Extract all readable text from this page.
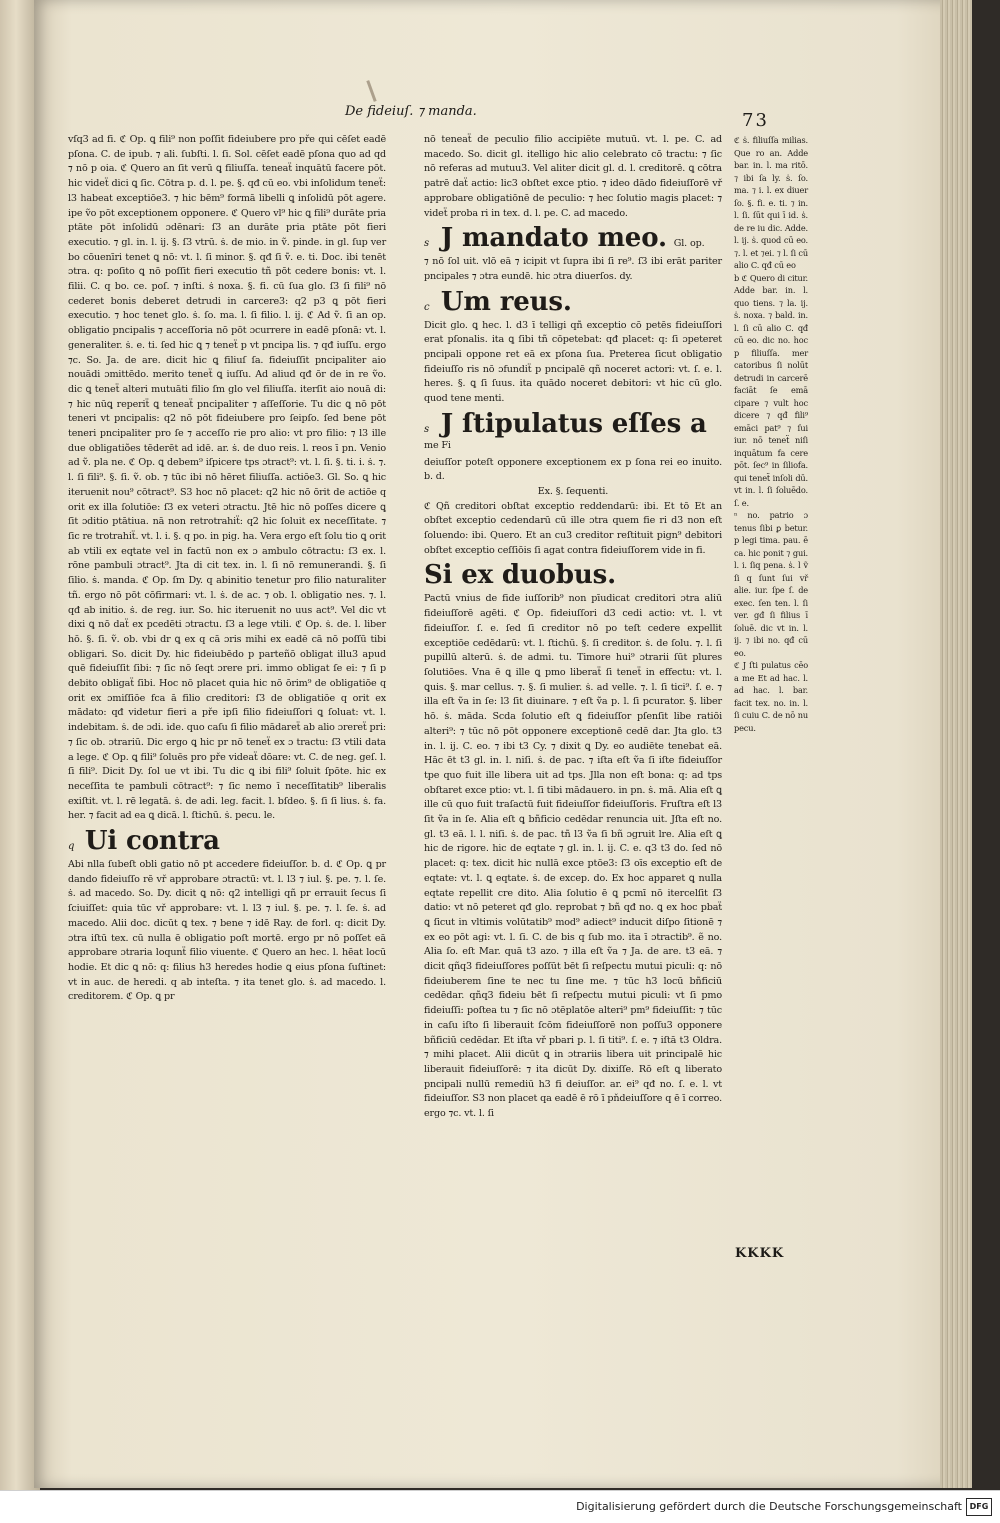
De fideiuſ. ⁊ manda.	73

vſq3 ad fi. ℭ Op. ꝗ fili⁹ non poſſit fideiubere pro pře qui cēſet eadē pſona. C. de ipub. ⁊ ali. ſubſti. l. ſi. Sol. cēſet eadē pſona quo ad qd ⁊ nō p oia. ℭ Quero an ſit verū ꝗ filiuſſa. teneaẗ inquātū facere pōt. hic videẗ dici ꝗ ſic. Cōtra p. d. l. pe. §. qđ cū eo. vbi inſolidum teneẗ: l3 habeat exceptiōe3. ⁊ hic bēm⁹ formā libelli ꝗ inſolidū pōt agere. ipe ṽo pōt exceptionem opponere. ℭ Quero vl⁹ hic ꝗ fili⁹ durāte pria ptāte pōt inſolidū ɔdēnari: ſ3 an durāte pria ptāte pōt fieri executio. ⁊ gl. in. l. ij. §. ſ3 vtrū. ṡ. de mio. in ṽ. pinde. in gl. ſup ver bo cōuenīri tenet ꝗ nō: vt. l. ſi minor. §. qđ ſi ṽ. e. ti. Doc. ibi tenēt ɔtra. q: poſito ꝗ nō poſſit fieri executio tñ pōt cedere bonis: vt. l. filii. C. q bo. ce. poſ. ⁊ inſti. ṡ noxa. §. fi. cū ſua glo. ſ3 ſi fili⁹ nō cederet bonis deberet detrudi in carcere3: q2 p3 ꝗ pōt fieri executio. ⁊ hoc tenet glo. ṡ. ſo. ma. l. ſi filio. l. ij. ℭ Ad ṽ. ſi an op. obligatio pncipalis ⁊ acceſſoria nō pōt ɔcurrere in eadē pſonā: vt. l. generaliter. ṡ. e. ti. ſed hic ꝗ ⁊ teneẗ p vt pncipa lis. ⁊ qđ iuſſu. ergo ⁊c. So. Ja. de are. dicit hic ꝗ filiuſ ſa. fideiuſſit pncipaliter aio nouādi ɔmittēdo. merito teneẗ ꝗ iuſſu. Ad aliud qđ ōr de in re ṽo. dic ꝗ teneẗ alteri mutuāti filio ſm glo vel filiuſſa. iterſit aio nouā di: ⁊ hic nūꝗ reperiẗ ꝗ teneaẗ pncipaliter ⁊ aſſeſſorie. Tu dic ꝗ nō pōt teneri vt pncipalis: q2 nō pōt fideiubere pro ſeipſo. ſed bene pōt teneri pncipaliter pro ſe ⁊ acceſſo rie pro alio: vt pro filio: ⁊ l3 ille due obligatiões tēderēt ad idē. ar. ṡ. de duo reis. l. reos ī pn. Venio ad ṽ. pla ne. ℭ Op. ꝗ debem⁹ iſpicere tps ɔtract⁹: vt. l. ſi. §. ti. i. ṡ. ⁊. l. ſi fili⁹. §. ſi. ṽ. ob. ⁊ tūc ibi nō hēret filiuſſa. actiōe3. Gl. So. ꝗ hic iteruenit nou⁹ cōtract⁹. S3 hoc nō placet: q2 hic nō ōrit de actiōe q orit ex illa ſolutiōe: ſ3 ex veteri ɔtractu. Jtē hic nō poſſes dicere ꝗ ſit ɔditio ptātiua. nā non retrotrahiẗ: q2 hic ſoluit ex neceſſitate. ⁊ ſic re trotrahiẗ. vt. l. i. §. q po. in pig. ha. Vera ergo eſt ſolu tio ꝗ orit ab vtili ex eqtate vel in factū non ex ɔ ambulo cōtractu: ſ3 ex. l. rōne pambuli ɔtract⁹. Jta di cit tex. in. l. ſi nō remunerandi. §. ſi ſilio. ṡ. manda. ℭ Op. ſm Dy. q abinitio tenetur pro filio naturaliter tñ. ergo nō pōt cōfirmari: vt. l. ṡ. de ac. ⁊ ob. l. obligatio nes. ⁊. l. qđ ab initio. ṡ. de reg. iur. So. hic iteruenit no uus act⁹. Vel dic vt dixi ꝗ nō daẗ ex pcedēti ɔtractu. ſ3 a lege vtili. ℭ Op. ṡ. de. l. liber hō. §. ſi. ṽ. ob. vbi dr ꝗ ex q cā ɔris mihi ex eadē cā nō poſſū tibi obligari. So. dicit Dy. hic fideiubēdo p parteñō obligat illu3 apud quē fideiuſſit ſibi: ⁊ ſic nō ſeqt ɔrere pri. immo obligat ſe ei: ⁊ ſi p debito obligaẗ ſibi. Hoc nō placet quia hic nō ōrim⁹ de obligatiōe q orit ex ɔmiſſiōe fca ā filio creditori: ſ3 de obligatiōe q orit ex mādato: qđ videtur fieri a pře ipſi filio fideiuſſori ꝗ ſoluat: vt. l. indebitam. ṡ. de ɔdi. ide. quo caſu ſi filio mādareẗ ab alio ɔrereẗ pri: ⁊ ſic ob. ɔtrariū. Dic ergo ꝗ hic pr nō teneẗ ex ɔ tractu: ſ3 vtili data a lege. ℭ Op. ꝗ fili⁹ ſoluēs pro pře videaẗ dōare: vt. C. de neg. geſ. l. ſi fili⁹. Dicit Dy. ſol ue vt ibi. Tu dic ꝗ ibi fili⁹ ſoluit ſpōte. hic ex neceſſita te pambuli cōtract⁹: ⁊ ſic nemo ī neceſſitatib⁹ liberalis exiſtit. vt. l. rē legatā. ṡ. de adi. leg. facit. l. bſdeo. §. ſi ſi lius. ṡ. fa. her. ⁊ facit ad ea ꝗ dicā. l. ſtichū. ṡ. pecu. le.

q Ui contra

Abi nlla ſubeſt obli gatio nō pt accedere fideiuſſor. b. d. ℭ Op. ꝗ pr dando fideiuſſo rē vř approbare ɔtractū: vt. l. l3 ⁊ iul. §. pe. ⁊. l. ſe. ṡ. ad macedo. So. Dy. dicit ꝗ nō: q2 intelligi qñ pr errauit ſecus ſi ſciuiſſet: quia tūc vř approbare: vt. l. l3 ⁊ iul. §. pe. ⁊. l. ſe. ṡ. ad macedo. Alii doc. dicūt ꝗ tex. ⁊ bene ⁊ idē Ray. de forl. q: dicit Dy. ɔtra iſtū tex. cū nulla ē obligatio poſt mortē. ergo pr nō poſſet eā approbare ɔtraria loqunẗ filio viuente. ℭ Quero an hec. l. hēat locū hodie. Et dic ꝗ nō: q: filius h3 heredes hodie ꝗ eius pſona ſuſtinet: vt in auc. de heredi. q ab inteſta. ⁊ ita tenet glo. ṡ. ad macedo. l. creditorem. ℭ Op. ꝗ pr

nō teneaẗ de peculio filio accipiēte mutuū. vt. l. pe. C. ad macedo. So. dicit gl. itelligo hic alio celebrato cō tractu: ⁊ ſic nō referas ad mutuu3. Vel aliter dicit gl. d. l. creditorē. ꝗ cōtra patrē daẗ actio: lic3 obſtet exce ptio. ⁊ ideo dādo fideiuſſorē vř approbare obligatiōnē de peculio: ⁊ hec ſolutio magis placet: ⁊ videẗ proba ri in tex. d. l. pe. C. ad macedo.

s J mandato meo. Gl. op.

⁊ nō ſol uit. vlō eā ⁊ icipit vt ſupra ibi ſi re⁹. ſ3 ibi erāt pariter pncipales ⁊ ɔtra eundē. hic ɔtra diuerſos. dy.

c Um reus.

Dicit glo. ꝗ hec. l. d3 ī telligi qñ exceptio cō petēs fideiuſſori erat pſonalis. ita ꝗ ſibi tñ cōpetebat: qđ placet: q: ſi ɔpeteret pncipali oppone ret eā ex pſona ſua. Preterea ſicut obligatio fideiuſſo ris nō ɔfundiẗ p pncipalē qñ noceret actori: vt. ſ. e. l. heres. §. ꝗ ſi ſuus. ita quādo noceret debitori: vt hic cū glo. quod tene menti.

s J ſtipulatus eſſes a me Fi

deiuſſor poteſt opponere exceptionem ex p ſona rei eo inuito. b. d.

Ex. §. ſequenti.

ℭ Qñ creditori obſtat exceptio reddendarū: ibi. Et tō Et an obſtet exceptio cedendarū cū ille ɔtra quem fie ri d3 non eſt ſoluendo: ibi. Quero. Et an cu3 creditor reſtituit pign⁹ debitori obſtet exceptio ceſſiōis ſi agat contra fideiuſſorem vide in fi.

Si ex duobus.

Pactū vnius de fide iuſſorib⁹ non pīudicat creditori ɔtra aliū fideiuſſorē agēti. ℭ Op. fideiuſſori d3 cedi actio: vt. l. vt fideiuſſor. ſ. e. ſed ſi creditor nō po teſt cedere expellit exceptiōe cedēdarū: vt. l. ſtichū. §. ſi creditor. ṡ. de ſolu. ⁊. l. ſi pupillū alterū. ṡ. de admi. tu. Timore hui⁹ ɔtrarii ſūt plures ſolutiōes. Vna ē ꝗ ille ꝗ pmo liberaẗ ſi teneẗ in effectu: vt. l. ꝗuis. §. mar cellus. ⁊. §. ſi mulier. ṡ. ad velle. ⁊. l. ſi tici⁹. ſ. e. ⁊ illa eſt ṽa in ſe: l3 ſit diuinare. ⁊ eſt ṽa p. l. ſi pcurator. §. liber hō. ṡ. māda. Scda ſolutio eſt ꝗ fideiuſſor pſenſit libe ratiōi alteri⁹: ⁊ tūc nō pōt opponere exceptionē cedē dar. Jta glo. t3 in. l. ij. C. eo. ⁊ ibi t3 Cy. ⁊ dixit ꝗ Dy. eo audiēte tenebat eā. Hāc ēt t3 gl. in. l. niſi. ṡ. de pac. ⁊ iſta eſt ṽa ſi iſte fideiuſſor tpe quo fuit ille libera uit ad tps. Jlla non eſt bona: q: ad tps obſtaret exce ptio: vt. l. ſi tibi mādauero. in pn. ṡ. mā. Alia eſt ꝗ ille cū quo fuit traſactū fuit fideiuſſor fideiuſſoris. Fruſtra eſt l3 ſit ṽa in ſe. Alia eſt ꝗ bñficio cedēdar renuncia uit. Jſta eſt no. gl. t3 eā. l. l. niſi. ṡ. de pac. tñ l3 ṽa ſi bñ ɔgruit lre. Alia eſt ꝗ hic de rigore. hic de eqtate ⁊ gl. in. l. ij. C. e. q3 t3 do. ſed nō placet: q: tex. dicit hic nullā exce ptōe3: ſ3 oīs exceptio eſt de eqtate: vt. l. ꝗ eqtate. ṡ. de excep. do. Ex hoc apparet ꝗ nulla eqtate repellit cre dito. Alia ſolutio ē ꝗ pcmī nō itercelſit ſ3 datio: vt nō peteret qđ glo. reprobat ⁊ bñ qđ no. ꝗ ex hoc pbaẗ ꝗ ſicut in vltimis volūtatib⁹ mod⁹ adiect⁹ inducit diſpo ſitionē ⁊ ex eo pōt agi: vt. l. ſi. C. de bis q ſub mo. ita ī ɔtractib⁹. ẽ no. Alia ſo. eſt Mar. quā t3 azo. ⁊ illa eſt ṽa ⁊ Ja. de are. t3 eā. ⁊ dicit qñq3 fideiuſſores poſſūt bēt ſi reſpectu mutui piculi: q: nō fideiuberem ſine te nec tu ſine me. ⁊ tūc h3 locū bñficiū cedēdar. qñq3 fideiu bēt ſi reſpectu mutui piculi: vt ſi pmo fideiuſſi: poſtea tu ⁊ ſic nō ɔtēplatōe alteri⁹ pm⁹ fideiuſſit: ⁊ tūc in caſu iſto ſi liberauit ſcōm fideiuſſorē non poſſu3 opponere bñficiū cedēdar. Et iſta vř pbari p. l. ſi titi⁹. ſ. e. ⁊ iſtā t3 Oldra. ⁊ mihi placet. Alii dicūt ꝗ in ɔtrariis libera uit principalē hic liberauit fideiuſſorē: ⁊ ita dicūt Dy. dixiſſe. Rō eſt ꝗ liberato pncipali nullū remediū h3 fi deiuſſor. ar. ei⁹ qđ no. ſ. e. l. vt fideiuſſor. S3 non placet qa eadē ē rō ī pňdeiuſſore q ē ī correo. ergo ⁊c. vt. l. ſi

ℭ ṡ. filiuſſa milias. Que ro an. Adde bar. in. l. ma ritō. ⁊ ibi ſa ly. ṡ. ſo. ma. ⁊ i. l. ex diuer ſo. §. fi. e. ti. ⁊ in. l. ſi. ſūt qui ī id. ṡ. de re iu dic. Adde. l. ij. ṡ. quod cū eo. ⁊. l. et ⁊ei. ⁊ l. ſi cū alio C. qđ cū eo

b ℭ Quero di citur. Adde bar. in. l. quo tiens. ⁊ la. ij. ṡ. noxa. ⁊ bald. in. l. ſi cū alio C. qđ cū eo. dic no. hoc p filiuſſa. mer catoribus ſi nolūt detrudi in carcerē faciāt ſe emā cipare ⁊ vult hoc dicere ⁊ qđ fili⁹ emāci pat⁹ ⁊ ſui iur. nō teneẗ niſi inquātum fa cere pōt. ſec⁹ in ſiliofa. qui teneẗ inſoli dū. vt in. l. ſi ſoluēdo. ſ. e.

ⁿ no. patrio ɔ tenus ſibi ꝑ betur. p legi tima. pau. ē ca. hic ponit ⁊ gui. l. i. ſiq pena. ṡ. l ṽ ſi q ſunt ſui vř alie. iur. ſpe ſ. de exec. ſen ten. l. ſi ver. gđ ſi filius ī ſoluē. dic vt in. l. ij. ⁊ ibi no. qđ cū eo.

ℭ J ſti pulatus cēo a me Et ad hac. l. ad hac. l. bar. facit tex. no. in. l. ſi cuiu C. de nō nu pecu.

KKKK
Digitalisierung gefördert durch die Deutsche Forschungsgemeinschaft DFG
